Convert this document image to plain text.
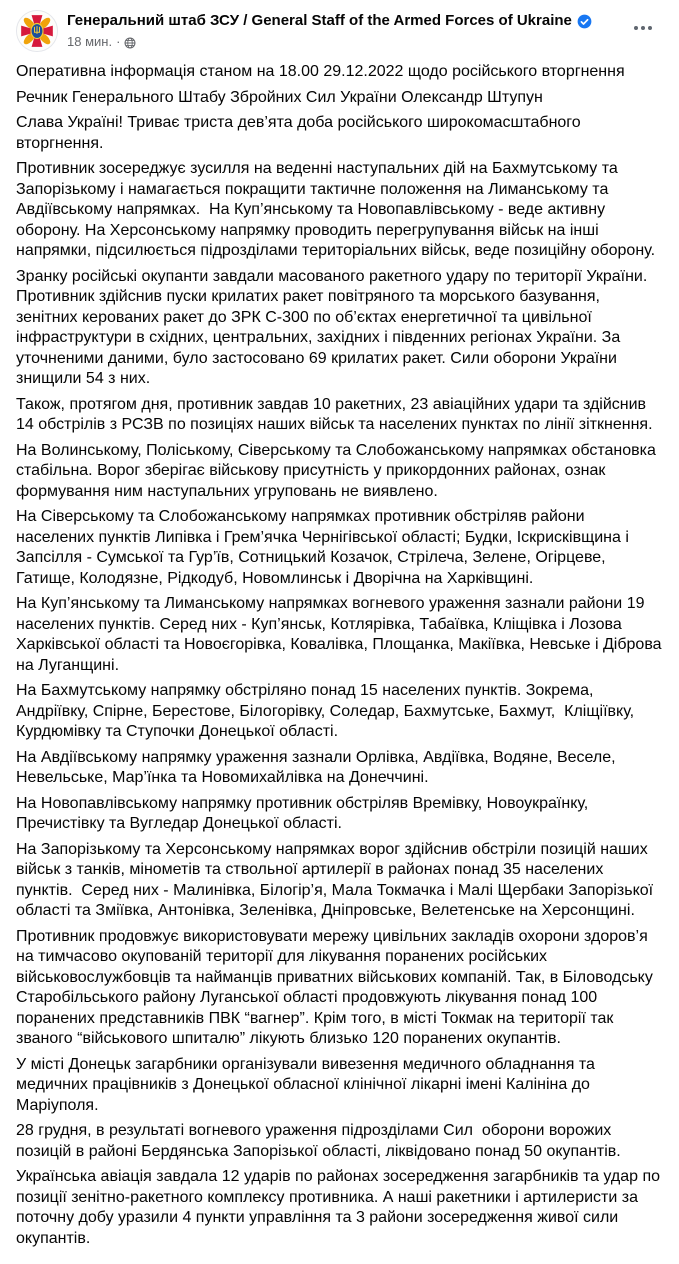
Генеральний штаб ЗСУ / General Staff of the Armed Forces of Ukraine
18 мин. ·

Оперативна інформація станом на 18.00 29.12.2022 щодо російського вторгнення

Речник Генерального Штабу Збройних Сил України Олександр Штупун

Слава Україні! Триває триста дев’ята доба російського широкомасштабного вторгнення.

Противник зосереджує зусилля на веденні наступальних дій на Бахмутському та Запорізькому і намагається покращити тактичне положення на Лиманському та Авдіївському напрямках.  На Куп’янському та Новопавлівському - веде активну оборону. На Херсонському напрямку проводить перегрупування військ на інші напрямки, підсилюється підрозділами територіальних військ, веде позиційну оборону.

Зранку російські окупанти завдали масованого ракетного удару по території України. Противник здійснив пуски крилатих ракет повітряного та морського базування, зенітних керованих ракет до ЗРК С-300 по об’єктах енергетичної та цивільної інфраструктури в східних, центральних, західних і південних регіонах України. За уточненими даними, було застосовано 69 крилатих ракет. Сили оборони України знищили 54 з них.

Також, протягом дня, противник завдав 10 ракетних, 23 авіаційних удари та здійснив 14 обстрілів з РСЗВ по позиціях наших військ та населених пунктах по лінії зіткнення.

На Волинському, Поліському, Сіверському та Слобожанському напрямках обстановка стабільна. Ворог зберігає військову присутність у прикордонних районах, ознак формування ним наступальних угруповань не виявлено.

На Сіверському та Слобожанському напрямках противник обстріляв райони населених пунктів Липівка і Грем’ячка Чернігівської області; Будки, Іскрисківщина і Запсілля - Сумської та Гур’їв, Сотницький Козачок, Стрілеча, Зелене, Огірцеве, Гатище, Колодязне, Рідкодуб, Новомлинськ і Дворічна на Харківщині.

На Куп’янському та Лиманському напрямках вогневого ураження зазнали райони 19 населених пунктів. Серед них - Куп’янськ, Котлярівка, Табаївка, Кліщівка і Лозова Харківської області та Новоєгорівка, Ковалівка, Площанка, Макіївка, Невське і Діброва на Луганщині.

На Бахмутському напрямку обстріляно понад 15 населених пунктів. Зокрема, Андріївку, Спірне, Берестове, Білогорівку, Соледар, Бахмутське, Бахмут,  Кліщіївку, Курдюмівку та Ступочки Донецької області.

На Авдіївському напрямку ураження зазнали Орлівка, Авдіївка, Водяне, Веселе, Невельське, Мар’їнка та Новомихайлівка на Донеччині.

На Новопавлівському напрямку противник обстріляв Времівку, Новоукраїнку,  Пречистівку та Вугледар Донецької області.

На Запорізькому та Херсонському напрямках ворог здійснив обстріли позицій наших військ з танків, мінометів та ствольної артилерії в районах понад 35 населених пунктів.  Серед них - Малинівка, Білогір’я, Мала Токмачка і Малі Щербаки Запорізької області та Зміївка, Антонівка, Зеленівка, Дніпровське, Велетенське на Херсонщині.

Противник продовжує використовувати мережу цивільних закладів охорони здоров’я на тимчасово окупованій території для лікування поранених російських військовослужбовців та найманців приватних військових компаній. Так, в Біловодську Старобільського району Луганської області продовжують лікування понад 100 поранених представників ПВК “вагнер”. Крім того, в місті Токмак на території так званого “військового шпиталю” лікують близько 120 поранених окупантів.

У місті Донецьк загарбники організували вивезення медичного обладнання та медичних працівників з Донецької обласної клінічної лікарні імені Калініна до Маріуполя.

28 грудня, в результаті вогневого ураження підрозділами Сил  оборони ворожих позицій в районі Бердянська Запорізької області, ліквідовано понад 50 окупантів.

Українська авіація завдала 12 ударів по районах зосередження загарбників та удар по позиції зенітно-ракетного комплексу противника. А наші ракетники і артилеристи за поточну добу уразили 4 пункти управління та 3 райони зосередження живої сили окупантів.
